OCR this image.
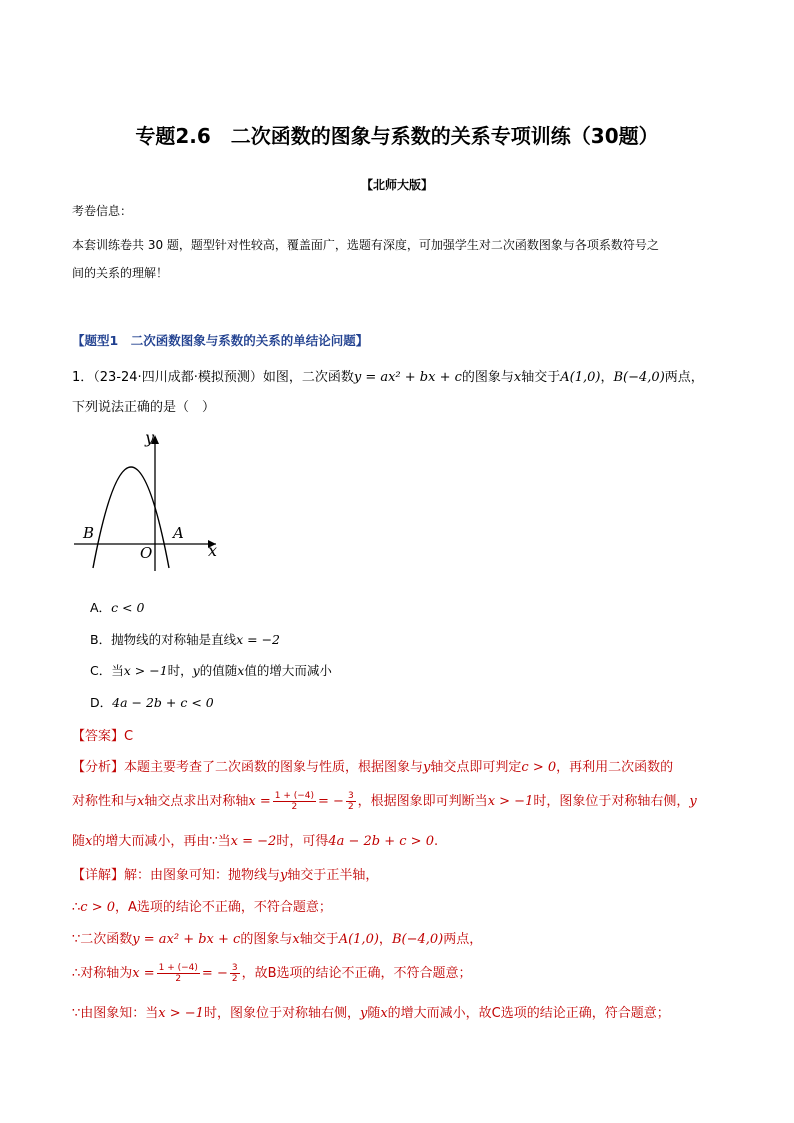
专题2.6　二次函数的图象与系数的关系专项训练（30题）
【北师大版】
考卷信息：
本套训练卷共 30 题，题型针对性较高，覆盖面广，选题有深度，可加强学生对二次函数图象与各项系数符号之
间的关系的理解！
【题型1　二次函数图象与系数的关系的单结论问题】
1．（23-24·四川成都·模拟预测）如图，二次函数y = ax² + bx + c的图象与x轴交于A(1,0)，B(−4,0)两点，
下列说法正确的是（　）
y
x
O
A
B
A．c < 0
B．抛物线的对称轴是直线x = −2
C．当x > −1时，y的值随x值的增大而减小
D．4a − 2b + c < 0
【答案】C
【分析】本题主要考查了二次函数的图象与性质，根据图象与y轴交点即可判定c > 0，再利用二次函数的
对称性和与x轴交点求出对称轴$x = \frac{1 + (-4)}{2}$ = − $\frac{3}{2}$ ，根据图象即可判断当x > −1时，图象位于对称轴右侧，y
随x的增大而减小，再由∵当x = −2时，可得4a − 2b + c > 0.
【详解】解：由图象可知：抛物线与y轴交于正半轴，
∴c > 0，A选项的结论不正确，不符合题意；
∵二次函数y = ax² + bx + c的图象与x轴交于A(1,0)，B(−4,0)两点，
∴对称轴为$x = \frac{1 + (-4)}{2}$ = − $\frac{3}{2}$ ，故B选项的结论不正确，不符合题意；
∵由图象知：当x > −1时，图象位于对称轴右侧，y随x的增大而减小，故C选项的结论正确，符合题意；
